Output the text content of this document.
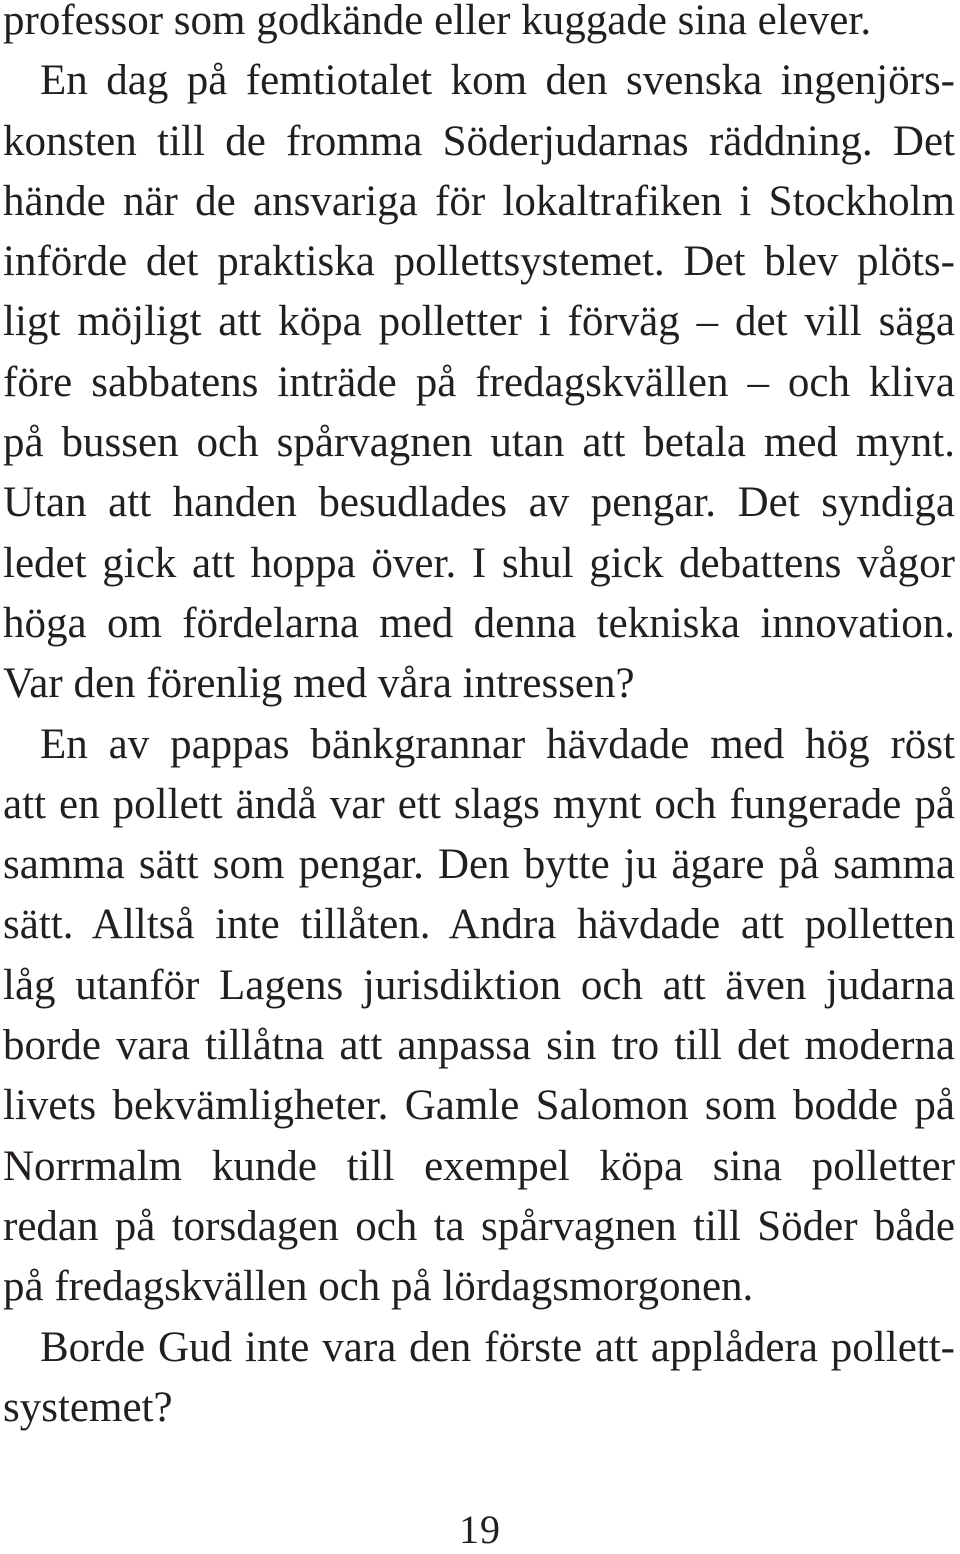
professor som godkände eller kuggade sina elever.
En dag på femtiotalet kom den svenska ingenjörs-
konsten till de fromma Söderjudarnas räddning. Det
hände när de ansvariga för lokaltrafiken i Stockholm
införde det praktiska pollettsystemet. Det blev plöts-
ligt möjligt att köpa polletter i förväg – det vill säga
före sabbatens inträde på fredagskvällen – och kliva
på bussen och spårvagnen utan att betala med mynt.
Utan att handen besudlades av pengar. Det syndiga
ledet gick att hoppa över. I shul gick debattens vågor
höga om fördelarna med denna tekniska innovation.
Var den förenlig med våra intressen?
En av pappas bänkgrannar hävdade med hög röst
att en pollett ändå var ett slags mynt och fungerade på
samma sätt som pengar. Den bytte ju ägare på samma
sätt. Alltså inte tillåten. Andra hävdade att polletten
låg utanför Lagens jurisdiktion och att även judarna
borde vara tillåtna att anpassa sin tro till det moderna
livets bekvämligheter. Gamle Salomon som bodde på
Norrmalm kunde till exempel köpa sina polletter
redan på torsdagen och ta spårvagnen till Söder både
på fredagskvällen och på lördagsmorgonen.
Borde Gud inte vara den förste att applådera pollett-
systemet?
19
